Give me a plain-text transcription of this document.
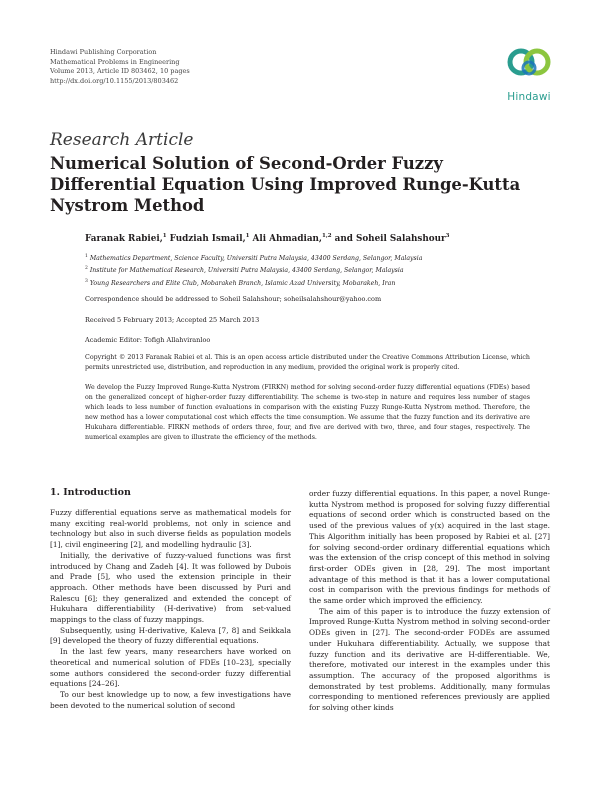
Hindawi Publishing Corporation
Mathematical Problems in Engineering
Volume 2013, Article ID 803462, 10 pages
http://dx.doi.org/10.1155/2013/803462
Hindawi
Research Article
Numerical Solution of Second-Order Fuzzy Differential Equation Using Improved Runge-Kutta Nystrom Method
Faranak Rabiei,$^1$ Fudziah Ismail,$^1$ Ali Ahmadian,$^{1,2}$ and Soheil Salahshour$^3$
$^1$ Mathematics Department, Science Faculty, Universiti Putra Malaysia, 43400 Serdang, Selangor, Malaysia
$^2$ Institute for Mathematical Research, Universiti Putra Malaysia, 43400 Serdang, Selangor, Malaysia
$^3$ Young Researchers and Elite Club, Mobarakeh Branch, Islamic Azad University, Mobarakeh, Iran
Correspondence should be addressed to Soheil Salahshour; soheilsalahshour@yahoo.com
Received 5 February 2013; Accepted 25 March 2013
Academic Editor: Tofigh Allahviranloo
Copyright © 2013 Faranak Rabiei et al. This is an open access article distributed under the Creative Commons Attribution License, which permits unrestricted use, distribution, and reproduction in any medium, provided the original work is properly cited.
We develop the Fuzzy Improved Runge-Kutta Nystrom (FIRKN) method for solving second-order fuzzy differential equations (FDEs) based on the generalized concept of higher-order fuzzy differentiability. The scheme is two-step in nature and requires less number of stages which leads to less number of function evaluations in comparison with the existing Fuzzy Runge-Kutta Nystrom method. Therefore, the new method has a lower computational cost which effects the time consumption. We assume that the fuzzy function and its derivative are Hukuhara differentiable. FIRKN methods of orders three, four, and five are derived with two, three, and four stages, respectively. The numerical examples are given to illustrate the efficiency of the methods.
1. Introduction

Fuzzy differential equations serve as mathematical models for many exciting real-world problems, not only in science and technology but also in such diverse fields as population models [1], civil engineering [2], and modelling hydraulic [3].

Initially, the derivative of fuzzy-valued functions was first introduced by Chang and Zadeh [4]. It was followed by Dubois and Prade [5], who used the extension principle in their approach. Other methods have been discussed by Puri and Ralescu [6]; they generalized and extended the concept of Hukuhara differentiability (H-derivative) from set-valued mappings to the class of fuzzy mappings.

Subsequently, using H-derivative, Kaleva [7, 8] and Seikkala [9] developed the theory of fuzzy differential equations.

In the last few years, many researchers have worked on theoretical and numerical solution of FDEs [10–23], specially some authors considered the second-order fuzzy differential equations [24–26].

To our best knowledge up to now, a few investigations have been devoted to the numerical solution of second

order fuzzy differential equations. In this paper, a novel Runge-kutta Nystrom method is proposed for solving fuzzy differential equations of second order which is constructed based on the used of the previous values of y(x) acquired in the last stage. This Algorithm initially has been proposed by Rabiei et al. [27] for solving second-order ordinary differential equations which was the extension of the crisp concept of this method in solving first-order ODEs given in [28, 29]. The most important advantage of this method is that it has a lower computational cost in comparison with the previous findings for methods of the same order which improved the efficiency.

The aim of this paper is to introduce the fuzzy extension of Improved Runge-Kutta Nystrom method in solving second-order ODEs given in [27]. The second-order FODEs are assumed under Hukuhara differentiability. Actually, we suppose that fuzzy function and its derivative are H-differentiable. We, therefore, motivated our interest in the examples under this assumption. The accuracy of the proposed algorithms is demonstrated by test problems. Additionally, many formulas corresponding to mentioned references previously are applied for solving other kinds
